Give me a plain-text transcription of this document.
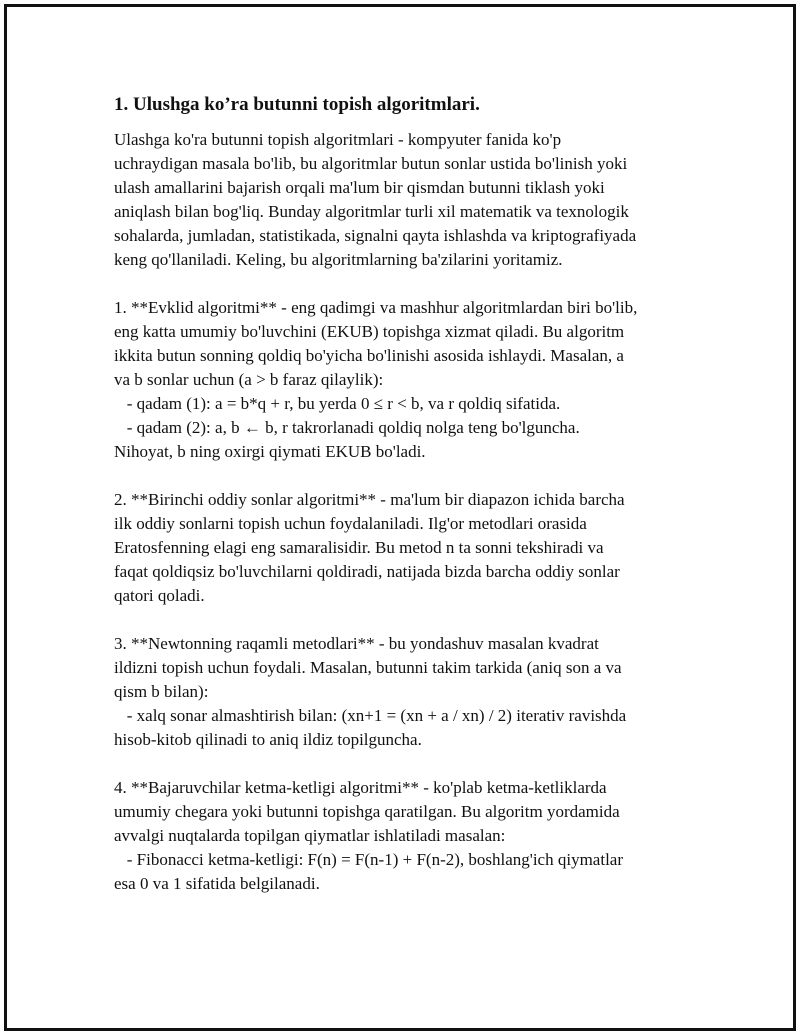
1. Ulushga ko’ra butunni topish algoritmlari.
Ulashga ko'ra butunni topish algoritmlari - kompyuter fanida ko'p
uchraydigan masala bo'lib, bu algoritmlar butun sonlar ustida bo'linish yoki
ulash amallarini bajarish orqali ma'lum bir qismdan butunni tiklash yoki
aniqlash bilan bog'liq. Bunday algoritmlar turli xil matematik va texnologik
sohalarda, jumladan, statistikada, signalni qayta ishlashda va kriptografiyada
keng qo'llaniladi. Keling, bu algoritmlarning ba'zilarini yoritamiz.
1. **Evklid algoritmi** - eng qadimgi va mashhur algoritmlardan biri bo'lib,
eng katta umumiy bo'luvchini (EKUB) topishga xizmat qiladi. Bu algoritm
ikkita butun sonning qoldiq bo'yicha bo'linishi asosida ishlaydi. Masalan, a
va b sonlar uchun (a > b faraz qilaylik):
- qadam (1): a = b*q + r, bu yerda 0 ≤ r < b, va r qoldiq sifatida.
- qadam (2): a, b ← b, r takrorlanadi qoldiq nolga teng bo'lguncha.
Nihoyat, b ning oxirgi qiymati EKUB bo'ladi.
2. **Birinchi oddiy sonlar algoritmi** - ma'lum bir diapazon ichida barcha
ilk oddiy sonlarni topish uchun foydalaniladi. Ilg'or metodlari orasida
Eratosfenning elagi eng samaralisidir. Bu metod n ta sonni tekshiradi va
faqat qoldiqsiz bo'luvchilarni qoldiradi, natijada bizda barcha oddiy sonlar
qatori qoladi.
3. **Newtonning raqamli metodlari** - bu yondashuv masalan kvadrat
ildizni topish uchun foydali. Masalan, butunni takim tarkida (aniq son a va
qism b bilan):
- xalq sonar almashtirish bilan: (xn+1 = (xn + a / xn) / 2) iterativ ravishda
hisob-kitob qilinadi to aniq ildiz topilguncha.
4. **Bajaruvchilar ketma-ketligi algoritmi** - ko'plab ketma-ketliklarda
umumiy chegara yoki butunni topishga qaratilgan. Bu algoritm yordamida
avvalgi nuqtalarda topilgan qiymatlar ishlatiladi masalan:
- Fibonacci ketma-ketligi: F(n) = F(n-1) + F(n-2), boshlang'ich qiymatlar
esa 0 va 1 sifatida belgilanadi.
